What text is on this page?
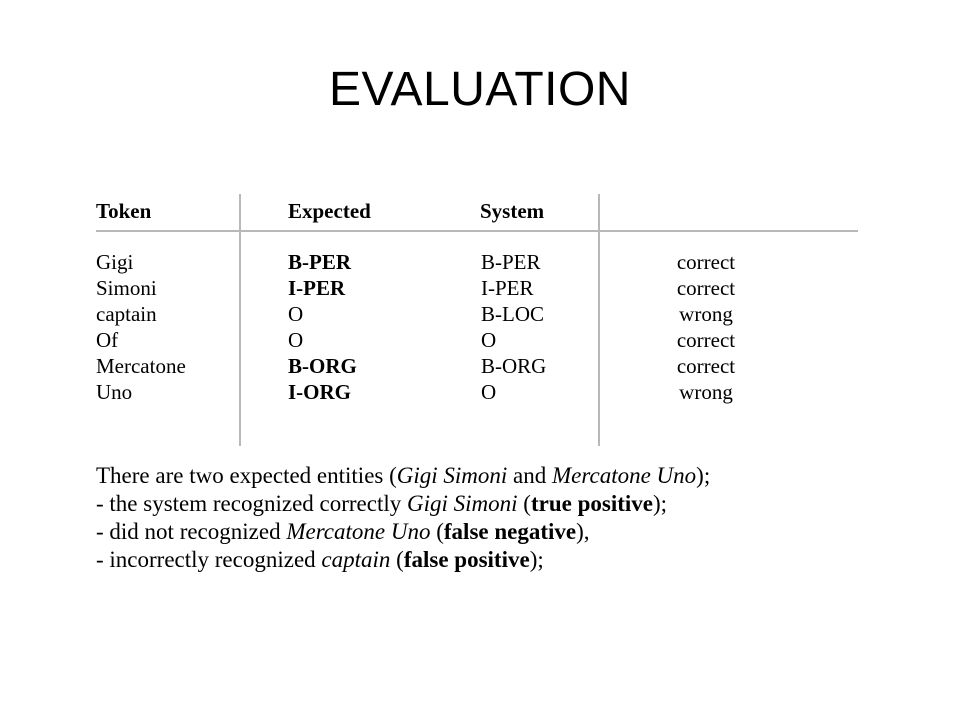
EVALUATION
Token	Expected	System
Gigi	B-PER	B-PER	correct
Simoni	I-PER	I-PER	correct
captain	O	B-LOC	wrong
Of	O	O	correct
Mercatone	B-ORG	B-ORG	correct
Uno	I-ORG	O	wrong

There are two expected entities (Gigi Simoni and Mercatone Uno);

- the system recognized correctly Gigi Simoni (true positive);

- did not recognized Mercatone Uno (false negative),

- incorrectly recognized captain (false positive);
